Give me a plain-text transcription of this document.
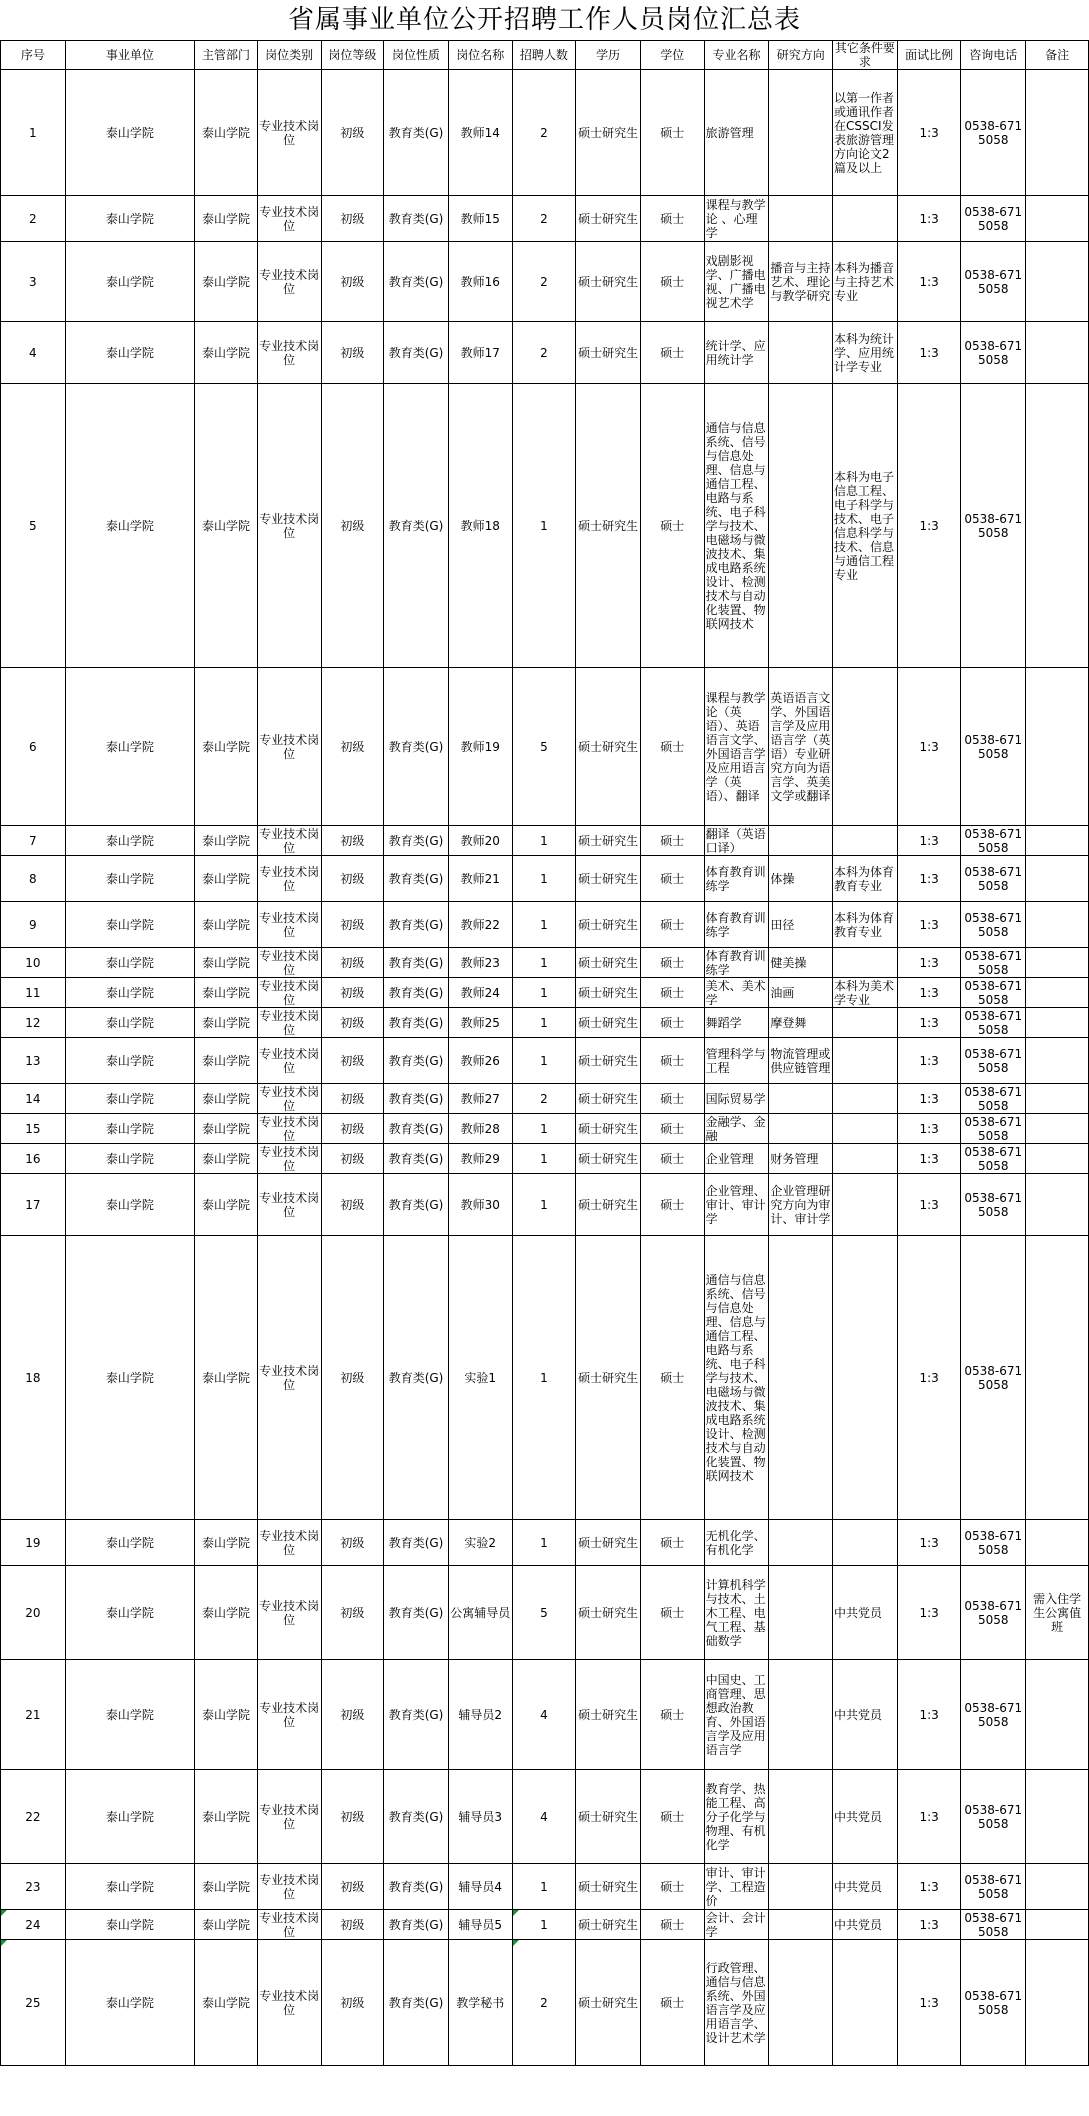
省属事业单位公开招聘工作人员岗位汇总表
序号	事业单位	主管部门	岗位类别	岗位等级	岗位性质	岗位名称	招聘人数	学历	学位	专业名称	研究方向	其它条件要求	面试比例	咨询电话	备注
1	泰山学院	泰山学院	专业技术岗位	初级	教育类(G)	教师14	2	硕士研究生	硕士	旅游管理		以第一作者或通讯作者在CSSCI发表旅游管理方向论文2篇及以上	1:3	0538-6715058	
2	泰山学院	泰山学院	专业技术岗位	初级	教育类(G)	教师15	2	硕士研究生	硕士	课程与教学论 、心理学			1:3	0538-6715058	
3	泰山学院	泰山学院	专业技术岗位	初级	教育类(G)	教师16	2	硕士研究生	硕士	戏剧影视学、广播电视、广播电视艺术学	播音与主持艺术、理论与教学研究	本科为播音与主持艺术专业	1:3	0538-6715058	
4	泰山学院	泰山学院	专业技术岗位	初级	教育类(G)	教师17	2	硕士研究生	硕士	统计学、应用统计学		本科为统计学、应用统计学专业	1:3	0538-6715058	
5	泰山学院	泰山学院	专业技术岗位	初级	教育类(G)	教师18	1	硕士研究生	硕士	通信与信息系统、信号与信息处理、信息与通信工程、电路与系统、电子科学与技术、电磁场与微波技术、集成电路系统设计、检测技术与自动化装置、物联网技术		本科为电子信息工程、电子科学与技术、电子信息科学与技术、信息与通信工程专业	1:3	0538-6715058	
6	泰山学院	泰山学院	专业技术岗位	初级	教育类(G)	教师19	5	硕士研究生	硕士	课程与教学论（英语）、英语语言文学、外国语言学及应用语言学（英语）、翻译	英语语言文学、外国语言学及应用语言学（英语）专业研究方向为语言学、英美文学或翻译		1:3	0538-6715058	
7	泰山学院	泰山学院	专业技术岗位	初级	教育类(G)	教师20	1	硕士研究生	硕士	翻译（英语口译）			1:3	0538-6715058	
8	泰山学院	泰山学院	专业技术岗位	初级	教育类(G)	教师21	1	硕士研究生	硕士	体育教育训练学	体操	本科为体育教育专业	1:3	0538-6715058	
9	泰山学院	泰山学院	专业技术岗位	初级	教育类(G)	教师22	1	硕士研究生	硕士	体育教育训练学	田径	本科为体育教育专业	1:3	0538-6715058	
10	泰山学院	泰山学院	专业技术岗位	初级	教育类(G)	教师23	1	硕士研究生	硕士	体育教育训练学	健美操		1:3	0538-6715058	
11	泰山学院	泰山学院	专业技术岗位	初级	教育类(G)	教师24	1	硕士研究生	硕士	美术、美术学	油画	本科为美术学专业	1:3	0538-6715058	
12	泰山学院	泰山学院	专业技术岗位	初级	教育类(G)	教师25	1	硕士研究生	硕士	舞蹈学	摩登舞		1:3	0538-6715058	
13	泰山学院	泰山学院	专业技术岗位	初级	教育类(G)	教师26	1	硕士研究生	硕士	管理科学与工程	物流管理或供应链管理		1:3	0538-6715058	
14	泰山学院	泰山学院	专业技术岗位	初级	教育类(G)	教师27	2	硕士研究生	硕士	国际贸易学			1:3	0538-6715058	
15	泰山学院	泰山学院	专业技术岗位	初级	教育类(G)	教师28	1	硕士研究生	硕士	金融学、金融			1:3	0538-6715058	
16	泰山学院	泰山学院	专业技术岗位	初级	教育类(G)	教师29	1	硕士研究生	硕士	企业管理	财务管理		1:3	0538-6715058	
17	泰山学院	泰山学院	专业技术岗位	初级	教育类(G)	教师30	1	硕士研究生	硕士	企业管理、审计、审计学	企业管理研究方向为审计、审计学		1:3	0538-6715058	
18	泰山学院	泰山学院	专业技术岗位	初级	教育类(G)	实验1	1	硕士研究生	硕士	通信与信息系统、信号与信息处理、信息与通信工程、电路与系统、电子科学与技术、电磁场与微波技术、集成电路系统设计、检测技术与自动化装置、物联网技术			1:3	0538-6715058	
19	泰山学院	泰山学院	专业技术岗位	初级	教育类(G)	实验2	1	硕士研究生	硕士	无机化学、有机化学			1:3	0538-6715058	
20	泰山学院	泰山学院	专业技术岗位	初级	教育类(G)	公寓辅导员	5	硕士研究生	硕士	计算机科学与技术、土木工程、电气工程、基础数学		中共党员	1:3	0538-6715058	需入住学生公寓值班
21	泰山学院	泰山学院	专业技术岗位	初级	教育类(G)	辅导员2	4	硕士研究生	硕士	中国史、工商管理、思想政治教育、外国语言学及应用语言学		中共党员	1:3	0538-6715058	
22	泰山学院	泰山学院	专业技术岗位	初级	教育类(G)	辅导员3	4	硕士研究生	硕士	教育学、热能工程、高分子化学与物理、有机化学		中共党员	1:3	0538-6715058	
23	泰山学院	泰山学院	专业技术岗位	初级	教育类(G)	辅导员4	1	硕士研究生	硕士	审计、审计学、工程造价		中共党员	1:3	0538-6715058	
24	泰山学院	泰山学院	专业技术岗位	初级	教育类(G)	辅导员5	1	硕士研究生	硕士	会计、会计学		中共党员	1:3	0538-6715058	
25	泰山学院	泰山学院	专业技术岗位	初级	教育类(G)	教学秘书	2	硕士研究生	硕士	行政管理、通信与信息系统、外国语言学及应用语言学、设计艺术学			1:3	0538-6715058	
